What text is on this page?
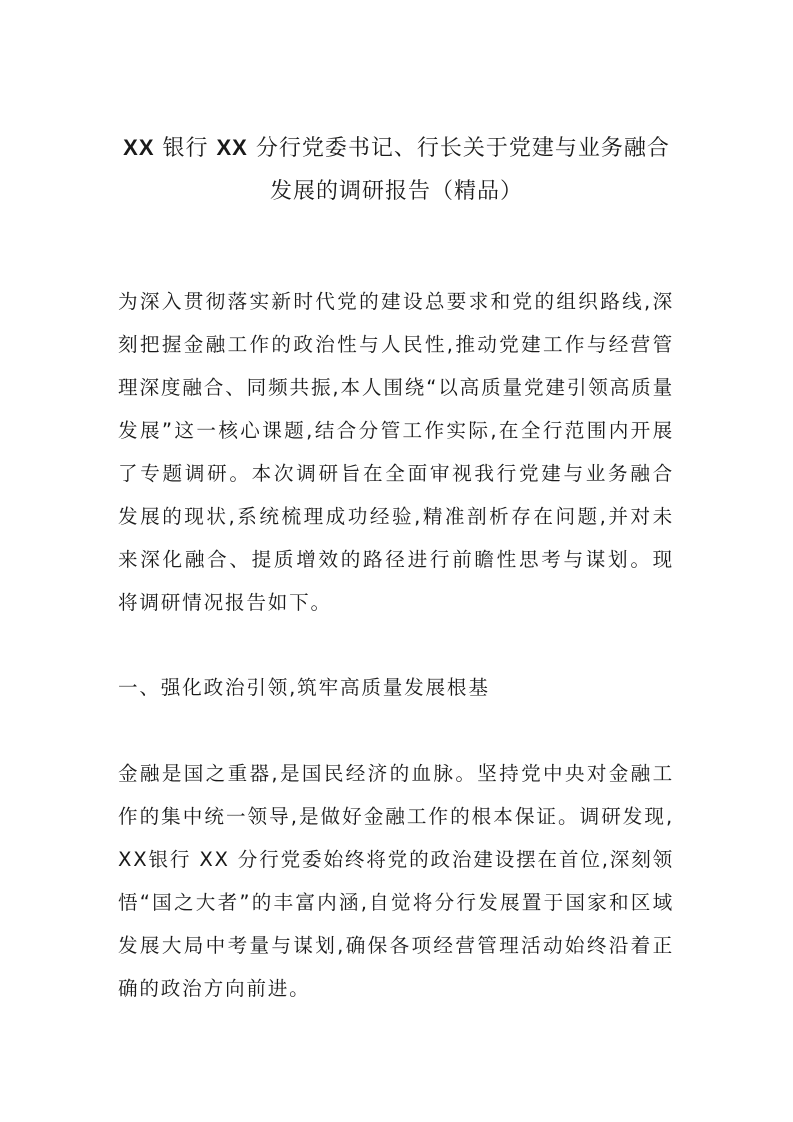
XX 银行 XX 分行党委书记、行长关于党建与业务融合
发展的调研报告（精品）

为深入贯彻落实新时代党的建设总要求和党的组织路线,深刻把握金融工作的政治性与人民性,推动党建工作与经营管理深度融合、同频共振,本人围绕“以高质量党建引领高质量发展”这一核心课题,结合分管工作实际,在全行范围内开展了专题调研。本次调研旨在全面审视我行党建与业务融合发展的现状,系统梳理成功经验,精准剖析存在问题,并对未来深化融合、提质增效的路径进行前瞻性思考与谋划。现将调研情况报告如下。

一、强化政治引领,筑牢高质量发展根基

金融是国之重器,是国民经济的血脉。坚持党中央对金融工作的集中统一领导,是做好金融工作的根本保证。调研发现,XX银行 XX 分行党委始终将党的政治建设摆在首位,深刻领悟“国之大者”的丰富内涵,自觉将分行发展置于国家和区域发展大局中考量与谋划,确保各项经营管理活动始终沿着正确的政治方向前进。
